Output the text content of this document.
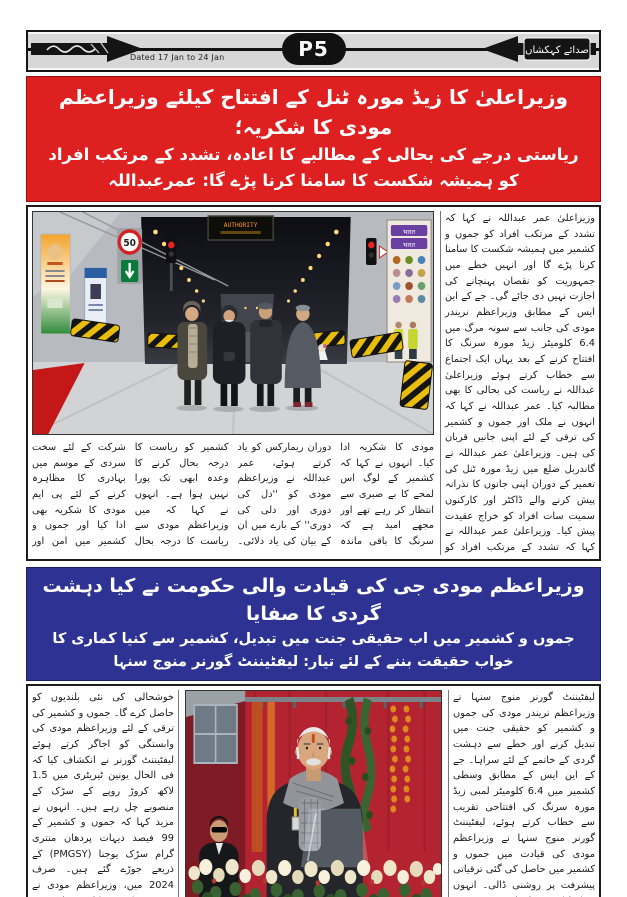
Dated 17 Jan to 24 Jan	P5	صدائے کہکشاں
وزیراعلیٰ کا زیڈ مورہ ٹنل کے افتتاح کیلئے وزیراعظم مودی کا شکریہ؛
ریاستی درجے کی بحالی کے مطالبے کا اعادہ، تشدد کے مرتکب افراد کو ہمیشہ شکست کا سامنا کرنا پڑے گا: عمرعبداللہ
وزیراعلیٰ عمر عبداللہ نے کہا کہ تشدد کے مرتکب افراد کو جموں و کشمیر میں ہمیشہ شکست کا سامنا کرنا پڑے گا اور انہیں خطے میں جمہوریت کو نقصان پہنچانے کی اجازت نہیں دی جائے گی۔ جے کے این ایس کے مطابق وزیراعظم نریندر مودی کی جانب سے سونہ مرگ میں 6.4 کلومیٹر زیڈ مورہ سرنگ کا افتتاح کرنے کے بعد یہاں ایک اجتماع سے خطاب کرتے ہوئے وزیراعلیٰ عبداللہ نے ریاست کی بحالی کا بھی مطالبہ کیا۔ عمر عبداللہ نے کہا کہ انہوں نے ملک اور جموں و کشمیر کی ترقی کے لئے اپنی جانیں قربان کی ہیں۔ وزیراعلیٰ عمر عبداللہ نے گاندربل ضلع میں زیڈ مورہ ٹنل کی تعمیر کے دوران اپنی جانوں کا نذرانہ پیش کرنے والے ڈاکٹر اور کارکنوں سمیت سات افراد کو خراج عقیدت پیش کیا۔ وزیراعلیٰ عمر عبداللہ نے کہا کہ تشدد کے مرتکب افراد کو
AUTHORITY
50
भारत
भारत
مودی کا شکریہ ادا کیا۔ انہوں نے کہا کہ کشمیر کے لوگ اس لمحے کا بے صبری سے انتظار کر رہے تھے اور مجھے امید ہے کہ سرنگ کا باقی ماندہ
دوران ریمارکس کو یاد کرتے ہوئے، عمر عبداللہ نے وزیراعظم مودی کو ''دل کی دوری اور دلی کی دوری'' کے بارے میں ان کے بیان کی یاد دلائی۔
کشمیر کو ریاست کا درجہ بحال کرنے کا وعدہ ابھی تک پورا نہیں ہوا ہے۔ انہوں نے کہا کہ میں وزیراعظم مودی سے ریاست کا درجہ بحال
شرکت کے لئے سخت سردی کے موسم میں بہادری کا مظاہرہ کرنے کے لئے پی ایم مودی کا شکریہ بھی ادا کیا اور جموں و کشمیر میں امن اور
وزیراعظم مودی جی کی قیادت والی حکومت نے کیا دہشت گردی کا صفایا
جموں و کشمیر میں اب حقیقی جنت میں تبدیل، کشمیر سے کنیا کماری کا خواب حقیقت بننے کے لئے تیار: لیفٹیننٹ گورنر منوج سنہا
لیفٹیننٹ گورنر منوج سنہا نے وزیراعظم نریندر مودی کی جموں و کشمیر کو حقیقی جنت میں تبدیل کرنے اور خطے سے دہشت گردی کے خاتمے کے لئے سراہا۔ جے کے این ایس کے مطابق وسطی کشمیر میں 6.4 کلومیٹر لمبی زیڈ مورہ سرنگ کی افتتاحی تقریب سے خطاب کرتے ہوئے، لیفٹیننٹ گورنر منوج سنہا نے وزیراعظم مودی کی قیادت میں جموں و کشمیر میں حاصل کی گئی ترقیاتی پیشرفت پر روشنی ڈالی۔ انہوں
خوشحالی کی نئی بلندیوں کو حاصل کرے گا۔ جموں و کشمیر کی ترقی کے لئے وزیراعظم مودی کی وابستگی کو اجاگر کرتے ہوئے لیفٹیننٹ گورنر نے انکشاف کیا کہ فی الحال یونین ٹیریٹری میں 1.5 لاکھ کروڑ روپے کے سڑک کے منصوبے چل رہے ہیں۔ انہوں نے مزید کہا کہ جموں و کشمیر کے 99 فیصد دیہات پردھان منتری گرام سڑک یوجنا (PMGSY) کے ذریعے جوڑے گئے ہیں۔ صرف 2024 میں، وزیراعظم مودی نے
